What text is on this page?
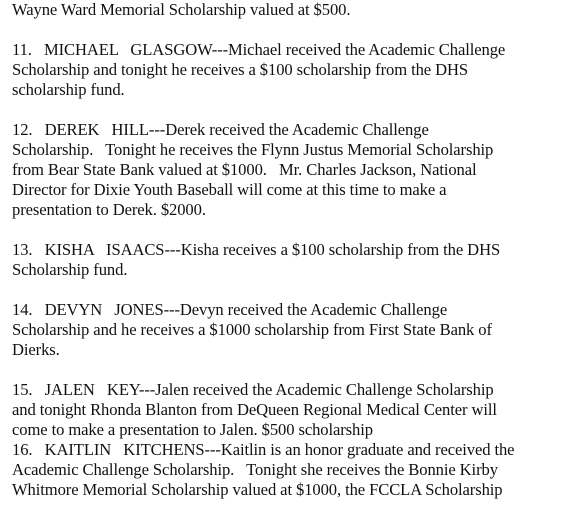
Wayne Ward Memorial Scholarship valued at $500.
11.   MICHAEL   GLASGOW---Michael received the Academic Challenge
Scholarship and tonight he receives a $100 scholarship from the DHS
scholarship fund.
12.   DEREK   HILL---Derek received the Academic Challenge
Scholarship.   Tonight he receives the Flynn Justus Memorial Scholarship
from Bear State Bank valued at $1000.   Mr. Charles Jackson, National
Director for Dixie Youth Baseball will come at this time to make a
presentation to Derek. $2000.
13.   KISHA   ISAACS---Kisha receives a $100 scholarship from the DHS
Scholarship fund.
14.   DEVYN   JONES---Devyn received the Academic Challenge
Scholarship and he receives a $1000 scholarship from First State Bank of
Dierks.
15.   JALEN   KEY---Jalen received the Academic Challenge Scholarship
and tonight Rhonda Blanton from DeQueen Regional Medical Center will
come to make a presentation to Jalen. $500 scholarship
16.   KAITLIN   KITCHENS---Kaitlin is an honor graduate and received the
Academic Challenge Scholarship.   Tonight she receives the Bonnie Kirby
Whitmore Memorial Scholarship valued at $1000, the FCCLA Scholarship
